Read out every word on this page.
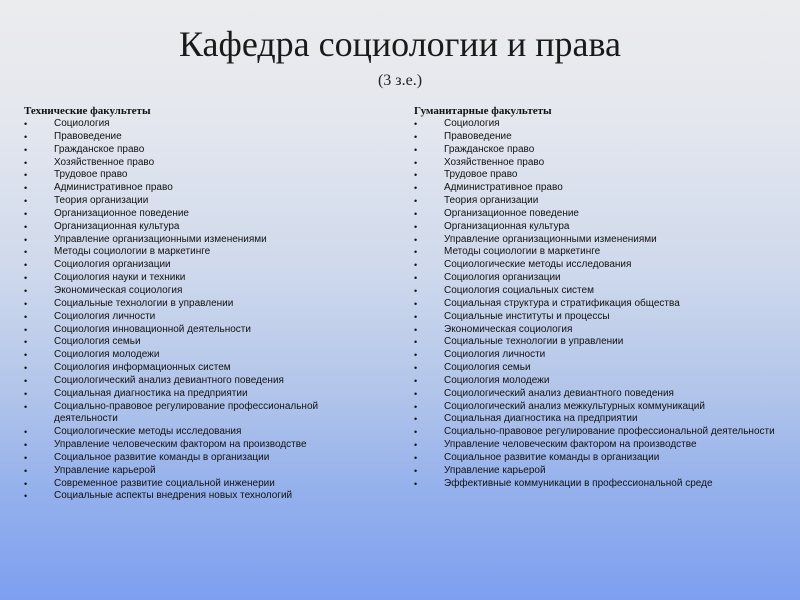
Кафедра социологии и права
(3 з.е.)
Технические факультеты
• Социология
• Правоведение
• Гражданское право
• Хозяйственное право
• Трудовое право
• Административное право
• Теория организации
• Организационное поведение
• Организационная культура
• Управление организационными изменениями
• Методы социологии в маркетинге
• Социология организации
• Социология науки и техники
• Экономическая социология
• Социальные технологии в управлении
• Социология личности
• Социология инновационной деятельности
• Социология семьи
• Социология молодежи
• Социология информационных систем
• Социологический анализ девиантного поведения
• Социальная диагностика на предприятии
• Социально-правовое регулирование профессиональной деятельности
• Социологические методы исследования
• Управление человеческим фактором на производстве
• Социальное развитие команды в организации
• Управление карьерой
• Современное развитие социальной инженерии
• Социальные аспекты внедрения новых технологий
Гуманитарные факультеты
• Социология
• Правоведение
• Гражданское право
• Хозяйственное право
• Трудовое право
• Административное право
• Теория организации
• Организационное поведение
• Организационная культура
• Управление организационными изменениями
• Методы социологии в маркетинге
• Социологические методы исследования
• Социология организации
• Социология социальных систем
• Социальная структура и стратификация общества
• Социальные институты и процессы
• Экономическая социология
• Социальные технологии в управлении
• Социология личности
• Социология семьи
• Социология молодежи
• Социологический анализ девиантного поведения
• Социологический анализ межкультурных коммуникаций
• Социальная диагностика на предприятии
• Социально-правовое регулирование профессиональной деятельности
• Управление человеческим фактором на производстве
• Социальное развитие команды в организации
• Управление карьерой
• Эффективные коммуникации в профессиональной среде
